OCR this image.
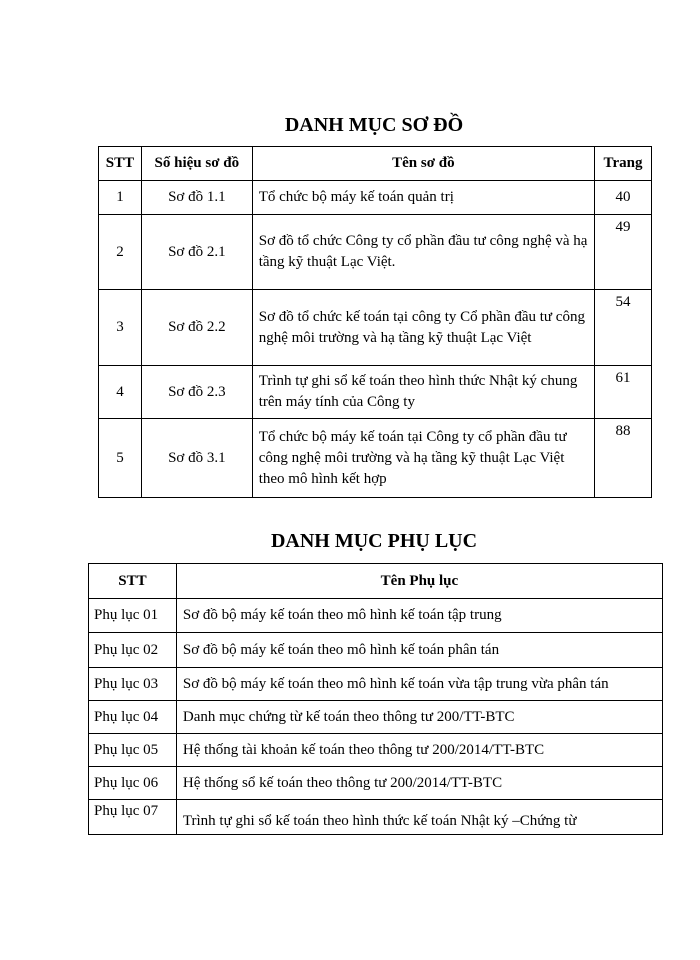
DANH MỤC SƠ ĐỒ
STT	Số hiệu sơ đồ	Tên sơ đồ	Trang
1	Sơ đồ 1.1	Tổ chức bộ máy kế toán quản trị	40
2	Sơ đồ 2.1	Sơ đồ tổ chức Công ty cổ phần đầu tư công nghệ và hạ tầng kỹ thuật Lạc Việt.	49
3	Sơ đồ 2.2	Sơ đồ tổ chức kế toán tại công ty Cổ phần đầu tư công nghệ môi trường và hạ tầng kỹ thuật Lạc Việt	54
4	Sơ đồ 2.3	Trình tự ghi sổ kế toán theo hình thức Nhật ký chung trên máy tính của Công ty	61
5	Sơ đồ 3.1	Tổ chức bộ máy kế toán tại Công ty cổ phần đầu tư công nghệ môi trường và hạ tầng kỹ thuật Lạc Việt theo mô hình kết hợp	88
DANH MỤC PHỤ LỤC
STT	Tên Phụ lục
Phụ lục 01	Sơ đồ bộ máy kế toán theo mô hình kế toán tập trung
Phụ lục 02	Sơ đồ bộ máy kế toán theo mô hình kế toán phân tán
Phụ lục 03	Sơ đồ bộ máy kế toán theo mô hình kế toán vừa tập trung vừa phân tán
Phụ lục 04	Danh mục chứng từ kế toán theo thông tư 200/TT-BTC
Phụ lục 05	Hệ thống tài khoản kế toán theo thông tư 200/2014/TT-BTC
Phụ lục 06	Hệ thống sổ kế toán theo thông tư 200/2014/TT-BTC
Phụ lục 07	Trình tự ghi sổ kế toán theo hình thức kế toán Nhật ký –Chứng từ
